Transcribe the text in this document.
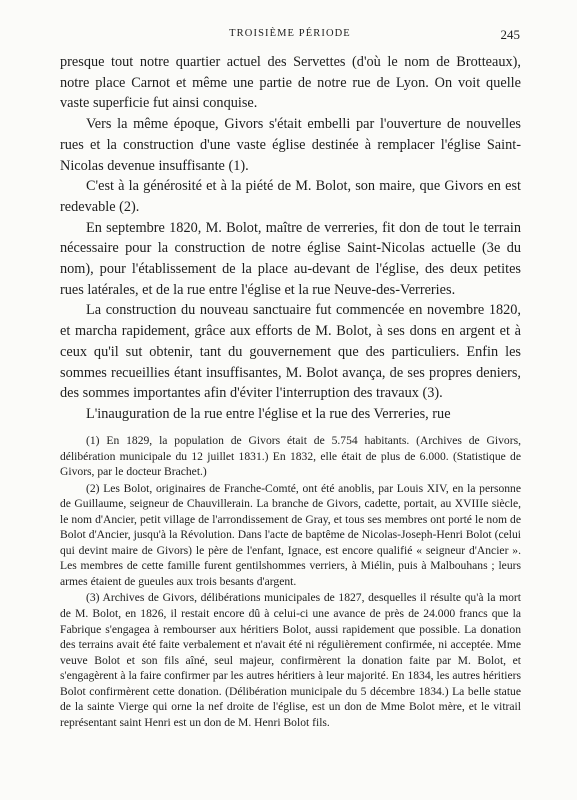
TROISIÈME PÉRIODE	245

presque tout notre quartier actuel des Servettes (d'où le nom de Brotteaux), notre place Carnot et même une partie de notre rue de Lyon. On voit quelle vaste superficie fut ainsi conquise.

Vers la même époque, Givors s'était embelli par l'ouverture de nouvelles rues et la construction d'une vaste église destinée à remplacer l'église Saint-Nicolas devenue insuffisante (1).

C'est à la générosité et à la piété de M. Bolot, son maire, que Givors en est redevable (2).

En septembre 1820, M. Bolot, maître de verreries, fit don de tout le terrain nécessaire pour la construction de notre église Saint-Nicolas actuelle (3e du nom), pour l'établissement de la place au-devant de l'église, des deux petites rues latérales, et de la rue entre l'église et la rue Neuve-des-Verreries.

La construction du nouveau sanctuaire fut commencée en novembre 1820, et marcha rapidement, grâce aux efforts de M. Bolot, à ses dons en argent et à ceux qu'il sut obtenir, tant du gouvernement que des particuliers. Enfin les sommes recueillies étant insuffisantes, M. Bolot avança, de ses propres deniers, des sommes importantes afin d'éviter l'interruption des travaux (3).

L'inauguration de la rue entre l'église et la rue des Verreries, rue

(1) En 1829, la population de Givors était de 5.754 habitants. (Archives de Givors, délibération municipale du 12 juillet 1831.) En 1832, elle était de plus de 6.000. (Statistique de Givors, par le docteur Brachet.)

(2) Les Bolot, originaires de Franche-Comté, ont été anoblis, par Louis XIV, en la personne de Guillaume, seigneur de Chauvillerain. La branche de Givors, cadette, portait, au XVIIIe siècle, le nom d'Ancier, petit village de l'arrondissement de Gray, et tous ses membres ont porté le nom de Bolot d'Ancier, jusqu'à la Révolution. Dans l'acte de baptême de Nicolas-Joseph-Henri Bolot (celui qui devint maire de Givors) le père de l'enfant, Ignace, est encore qualifié « seigneur d'Ancier ». Les membres de cette famille furent gentilshommes verriers, à Miélin, puis à Malbouhans ; leurs armes étaient de gueules aux trois besants d'argent.

(3) Archives de Givors, délibérations municipales de 1827, desquelles il résulte qu'à la mort de M. Bolot, en 1826, il restait encore dû à celui-ci une avance de près de 24.000 francs que la Fabrique s'engagea à rembourser aux héritiers Bolot, aussi rapidement que possible. La donation des terrains avait été faite verbalement et n'avait été ni régulièrement confirmée, ni acceptée. Mme veuve Bolot et son fils aîné, seul majeur, confirmèrent la donation faite par M. Bolot, et s'engagèrent à la faire confirmer par les autres héritiers à leur majorité. En 1834, les autres héritiers Bolot confirmèrent cette donation. (Délibération municipale du 5 décembre 1834.) La belle statue de la sainte Vierge qui orne la nef droite de l'église, est un don de Mme Bolot mère, et le vitrail représentant saint Henri est un don de M. Henri Bolot fils.
